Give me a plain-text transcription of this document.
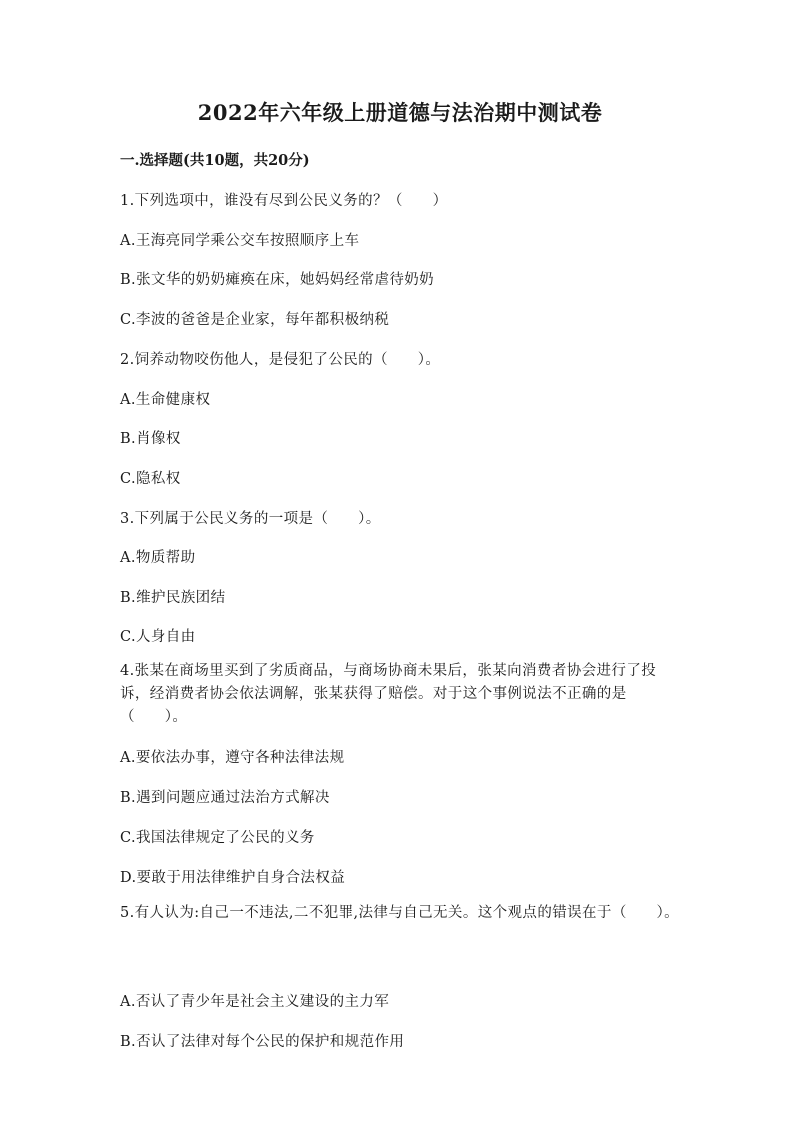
2022年六年级上册道德与法治期中测试卷
一.选择题(共10题，共20分)
1.下列选项中，谁没有尽到公民义务的？（　　）
A.王海亮同学乘公交车按照顺序上车
B.张文华的奶奶瘫痪在床，她妈妈经常虐待奶奶
C.李波的爸爸是企业家，每年都积极纳税
2.饲养动物咬伤他人，是侵犯了公民的（　　）。
A.生命健康权
B.肖像权
C.隐私权
3.下列属于公民义务的一项是（　　）。
A.物质帮助
B.维护民族团结
C.人身自由
4.张某在商场里买到了劣质商品，与商场协商未果后，张某向消费者协会进行了投诉，经消费者协会依法调解，张某获得了赔偿。对于这个事例说法不正确的是（　　）。
A.要依法办事，遵守各种法律法规
B.遇到问题应通过法治方式解决
C.我国法律规定了公民的义务
D.要敢于用法律维护自身合法权益
5.有人认为:自己一不违法,二不犯罪,法律与自己无关。这个观点的错误在于（　　）。
A.否认了青少年是社会主义建设的主力军
B.否认了法律对每个公民的保护和规范作用
